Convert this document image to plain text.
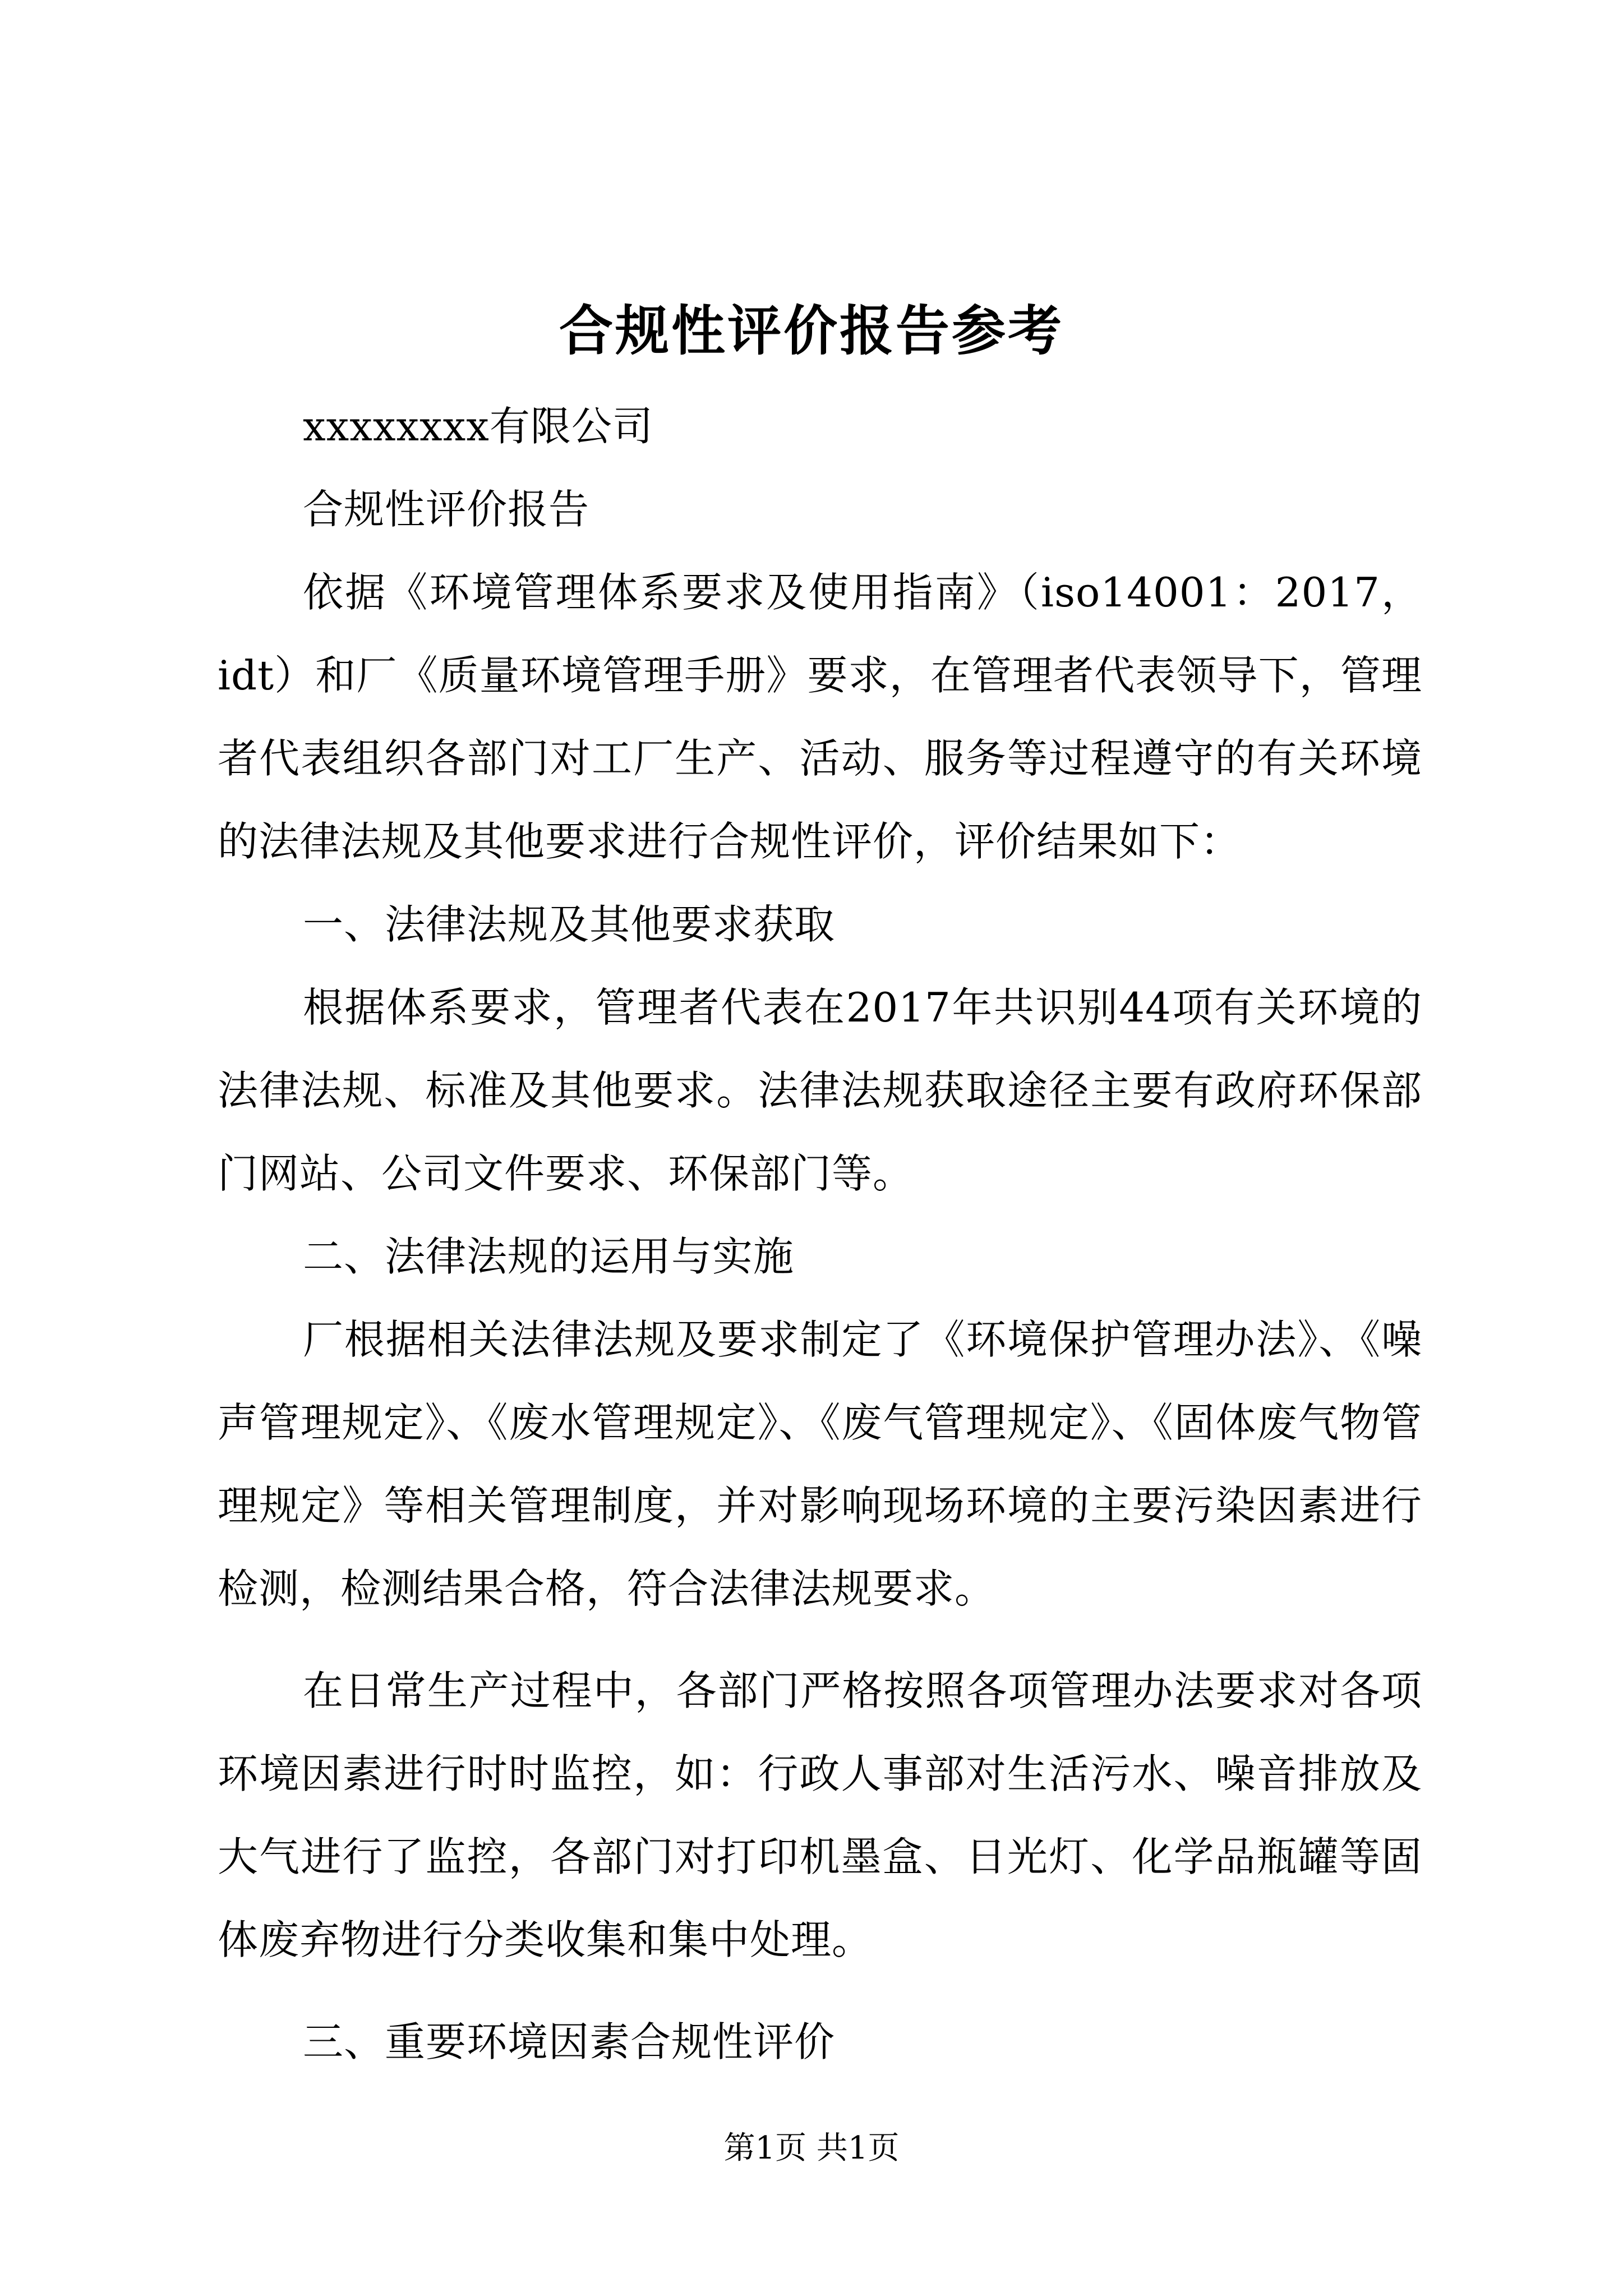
合规性评价报告参考

xxxxxxxx有限公司

合规性评价报告

依据《环境管理体系要求及使用指南》（iso14001：2017，idt）和厂《质量环境管理手册》要求，在管理者代表领导下，管理者代表组织各部门对工厂生产、活动、服务等过程遵守的有关环境的法律法规及其他要求进行合规性评价，评价结果如下：

一、法律法规及其他要求获取

根据体系要求，管理者代表在2017年共识别44项有关环境的法律法规、标准及其他要求。法律法规获取途径主要有政府环保部门网站、公司文件要求、环保部门等。

二、法律法规的运用与实施

厂根据相关法律法规及要求制定了《环境保护管理办法》、《噪声管理规定》、《废水管理规定》、《废气管理规定》、《固体废气物管理规定》等相关管理制度，并对影响现场环境的主要污染因素进行检测，检测结果合格，符合法律法规要求。

在日常生产过程中，各部门严格按照各项管理办法要求对各项环境因素进行时时监控，如：行政人事部对生活污水、噪音排放及大气进行了监控，各部门对打印机墨盒、日光灯、化学品瓶罐等固体废弃物进行分类收集和集中处理。

三、重要环境因素合规性评价

第1页 共1页
